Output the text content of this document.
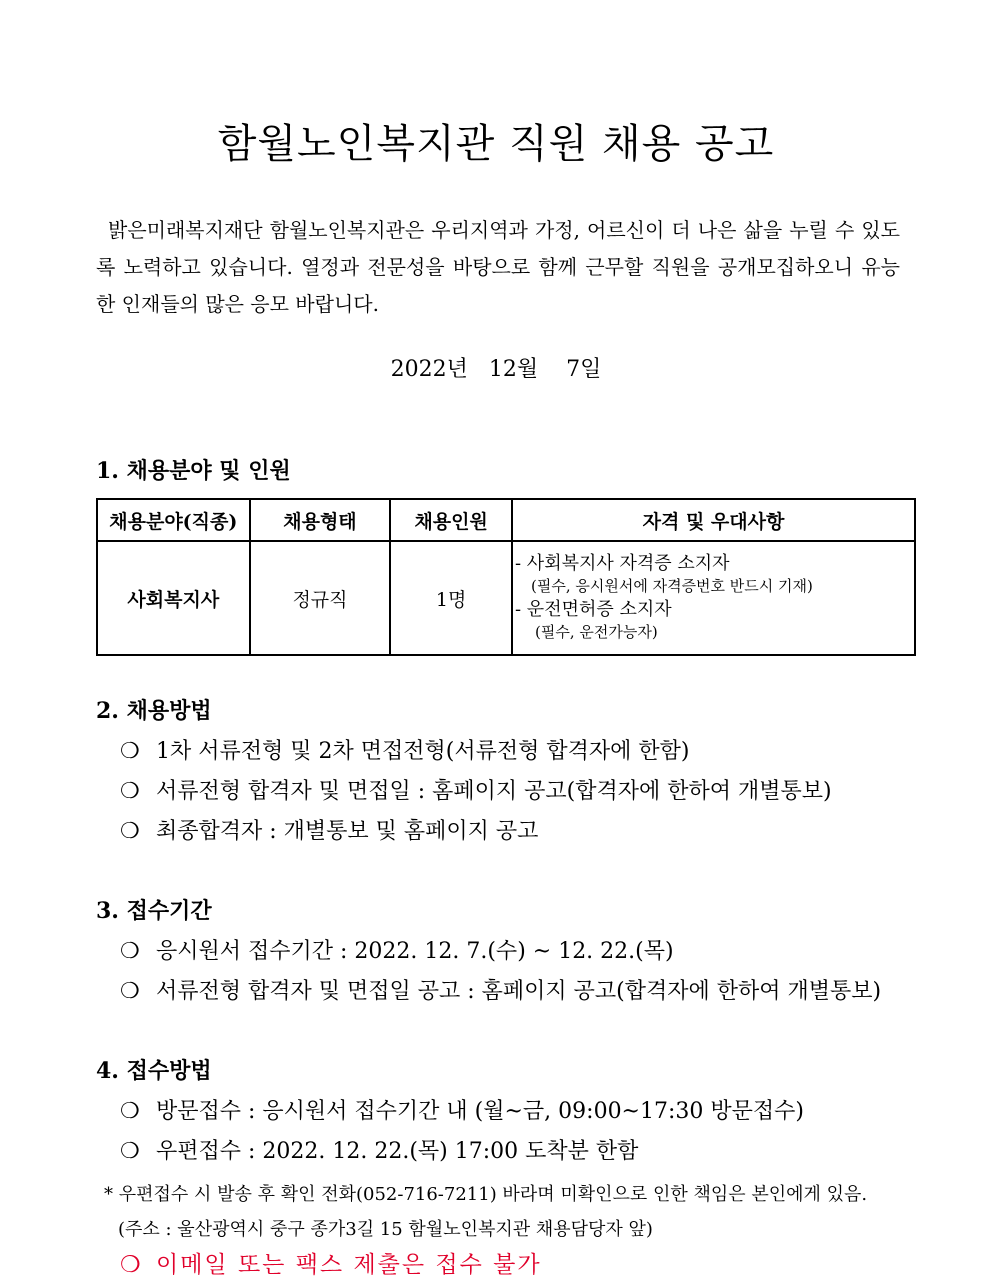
함월노인복지관 직원 채용 공고

밝은미래복지재단 함월노인복지관은 우리지역과 가정, 어르신이 더 나은 삶을 누릴 수 있도록 노력하고 있습니다. 열정과 전문성을 바탕으로 함께 근무할 직원을 공개모집하오니 유능한 인재들의 많은 응모 바랍니다.

2022년   12월    7일

1. 채용분야 및 인원

채용분야(직종)	채용형태	채용인원	자격 및 우대사항
사회복지사	정규직	1명	- 사회복지사 자격증 소지자
(필수, 응시원서에 자격증번호 반드시 기재)
- 운전면허증 소지자
(필수, 운전가능자)

2. 채용방법

❍ 1차 서류전형 및 2차 면접전형(서류전형 합격자에 한함)

❍ 서류전형 합격자 및 면접일 : 홈페이지 공고(합격자에 한하여 개별통보)

❍ 최종합격자 : 개별통보 및 홈페이지 공고

3. 접수기간

❍ 응시원서 접수기간 : 2022. 12. 7.(수) ~ 12. 22.(목)

❍ 서류전형 합격자 및 면접일 공고 : 홈페이지 공고(합격자에 한하여 개별통보)

4. 접수방법

❍ 방문접수 : 응시원서 접수기간 내 (월~금, 09:00~17:30 방문접수)

❍ 우편접수 : 2022. 12. 22.(목) 17:00 도착분 한함

* 우편접수 시 발송 후 확인 전화(052-716-7211) 바라며 미확인으로 인한 책임은 본인에게 있음.

(주소 : 울산광역시 중구 종가3길 15 함월노인복지관 채용담당자 앞)

❍ 이메일 또는 팩스 제출은 접수 불가
